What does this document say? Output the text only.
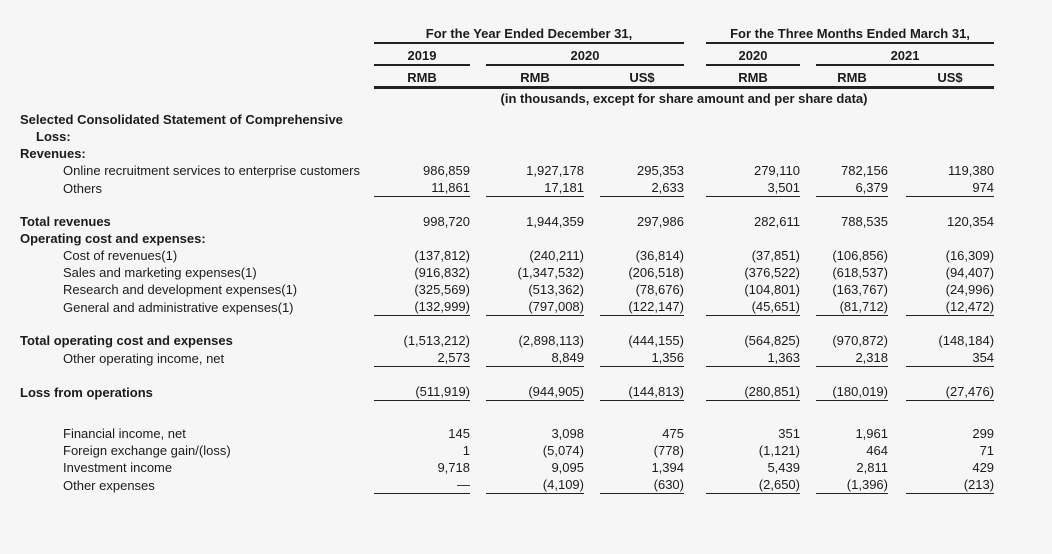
	For the Year Ended December 31,						For the Three Months Ended March 31,				
	2019		2020				2020		2021		
	RMB		RMB		US$		RMB		RMB		US$
	(in thousands, except for share amount and per share data)										
Selected Consolidated Statement of Comprehensive Loss:											
Revenues:											
Online recruitment services to enterprise customers	986,859		1,927,178		295,353		279,110		782,156		119,380
Others	11,861		17,181		2,633		3,501		6,379		974
Total revenues	998,720		1,944,359		297,986		282,611		788,535		120,354
Operating cost and expenses:											
Cost of revenues(1)	(137,812)		(240,211)		(36,814)		(37,851)		(106,856)		(16,309)
Sales and marketing expenses(1)	(916,832)		(1,347,532)		(206,518)		(376,522)		(618,537)		(94,407)
Research and development expenses(1)	(325,569)		(513,362)		(78,676)		(104,801)		(163,767)		(24,996)
General and administrative expenses(1)	(132,999)		(797,008)		(122,147)		(45,651)		(81,712)		(12,472)
Total operating cost and expenses	(1,513,212)		(2,898,113)		(444,155)		(564,825)		(970,872)		(148,184)
Other operating income, net	2,573		8,849		1,356		1,363		2,318		354
Loss from operations	(511,919)		(944,905)		(144,813)		(280,851)		(180,019)		(27,476)
Financial income, net	145		3,098		475		351		1,961		299
Foreign exchange gain/(loss)	1		(5,074)		(778)		(1,121)		464		71
Investment income	9,718		9,095		1,394		5,439		2,811		429
Other expenses	—		(4,109)		(630)		(2,650)		(1,396)		(213)
